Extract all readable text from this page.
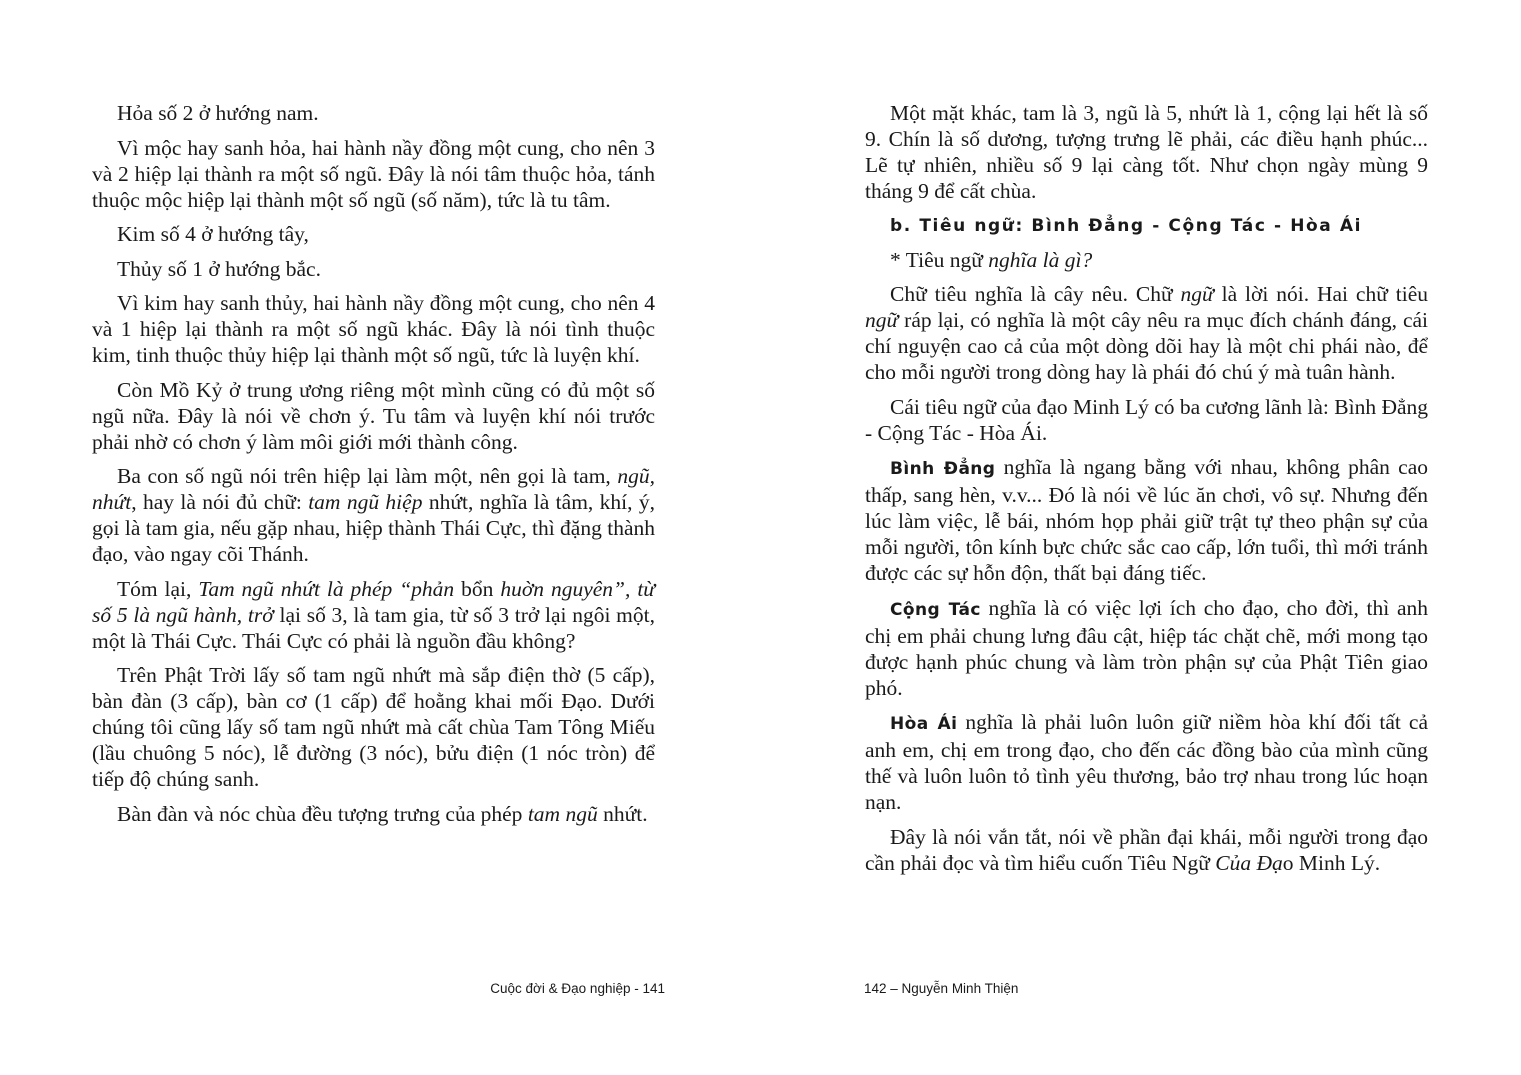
Hỏa số 2 ở hướng nam.

Vì mộc hay sanh hỏa, hai hành nầy đồng một cung, cho nên 3 và 2 hiệp lại thành ra một số ngũ. Đây là nói tâm thuộc hỏa, tánh thuộc mộc hiệp lại thành một số ngũ (số năm), tức là tu tâm.

Kim số 4 ở hướng tây,

Thủy số 1 ở hướng bắc.

Vì kim hay sanh thủy, hai hành nầy đồng một cung, cho nên 4 và 1 hiệp lại thành ra một số ngũ khác. Đây là nói tình thuộc kim, tinh thuộc thủy hiệp lại thành một số ngũ, tức là luyện khí.

Còn Mồ Kỷ ở trung ương riêng một mình cũng có đủ một số ngũ nữa. Đây là nói về chơn ý. Tu tâm và luyện khí nói trước phải nhờ có chơn ý làm môi giới mới thành công.

Ba con số ngũ nói trên hiệp lại làm một, nên gọi là tam, ngũ, nhứt, hay là nói đủ chữ: tam ngũ hiệp nhứt, nghĩa là tâm, khí, ý, gọi là tam gia, nếu gặp nhau, hiệp thành Thái Cực, thì đặng thành đạo, vào ngay cõi Thánh.

Tóm lại, Tam ngũ nhứt là phép “phản bổn huờn nguyên”, từ số 5 là ngũ hành, trở lại số 3, là tam gia, từ số 3 trở lại ngôi một, một là Thái Cực. Thái Cực có phải là nguồn đầu không?

Trên Phật Trời lấy số tam ngũ nhứt mà sắp điện thờ (5 cấp), bàn đàn (3 cấp), bàn cơ (1 cấp) để hoằng khai mối Đạo. Dưới chúng tôi cũng lấy số tam ngũ nhứt mà cất chùa Tam Tông Miếu (lầu chuông 5 nóc), lễ đường (3 nóc), bửu điện (1 nóc tròn) để tiếp độ chúng sanh.

Bàn đàn và nóc chùa đều tượng trưng của phép tam ngũ nhứt.

Một mặt khác, tam là 3, ngũ là 5, nhứt là 1, cộng lại hết là số 9. Chín là số dương, tượng trưng lẽ phải, các điều hạnh phúc... Lẽ tự nhiên, nhiều số 9 lại càng tốt. Như chọn ngày mùng 9 tháng 9 để cất chùa.

b. Tiêu ngữ: Bình Đẳng - Cộng Tác - Hòa Ái

* Tiêu ngữ nghĩa là gì?

Chữ tiêu nghĩa là cây nêu. Chữ ngữ là lời nói. Hai chữ tiêu ngữ ráp lại, có nghĩa là một cây nêu ra mục đích chánh đáng, cái chí nguyện cao cả của một dòng dõi hay là một chi phái nào, để cho mỗi người trong dòng hay là phái đó chú ý mà tuân hành.

Cái tiêu ngữ của đạo Minh Lý có ba cương lãnh là: Bình Đẳng - Cộng Tác - Hòa Ái.

Bình Đẳng nghĩa là ngang bằng với nhau, không phân cao thấp, sang hèn, v.v... Đó là nói về lúc ăn chơi, vô sự. Nhưng đến lúc làm việc, lễ bái, nhóm họp phải giữ trật tự theo phận sự của mỗi người, tôn kính bực chức sắc cao cấp, lớn tuổi, thì mới tránh được các sự hỗn độn, thất bại đáng tiếc.

Cộng Tác nghĩa là có việc lợi ích cho đạo, cho đời, thì anh chị em phải chung lưng đâu cật, hiệp tác chặt chẽ, mới mong tạo được hạnh phúc chung và làm tròn phận sự của Phật Tiên giao phó.

Hòa Ái nghĩa là phải luôn luôn giữ niềm hòa khí đối tất cả anh em, chị em trong đạo, cho đến các đồng bào của mình cũng thế và luôn luôn tỏ tình yêu thương, bảo trợ nhau trong lúc hoạn nạn.

Đây là nói vắn tắt, nói về phần đại khái, mỗi người trong đạo cần phải đọc và tìm hiểu cuốn Tiêu Ngữ Của Đạo Minh Lý.

Cuộc đời & Đạo nghiệp - 141	142 – Nguyễn Minh Thiện
